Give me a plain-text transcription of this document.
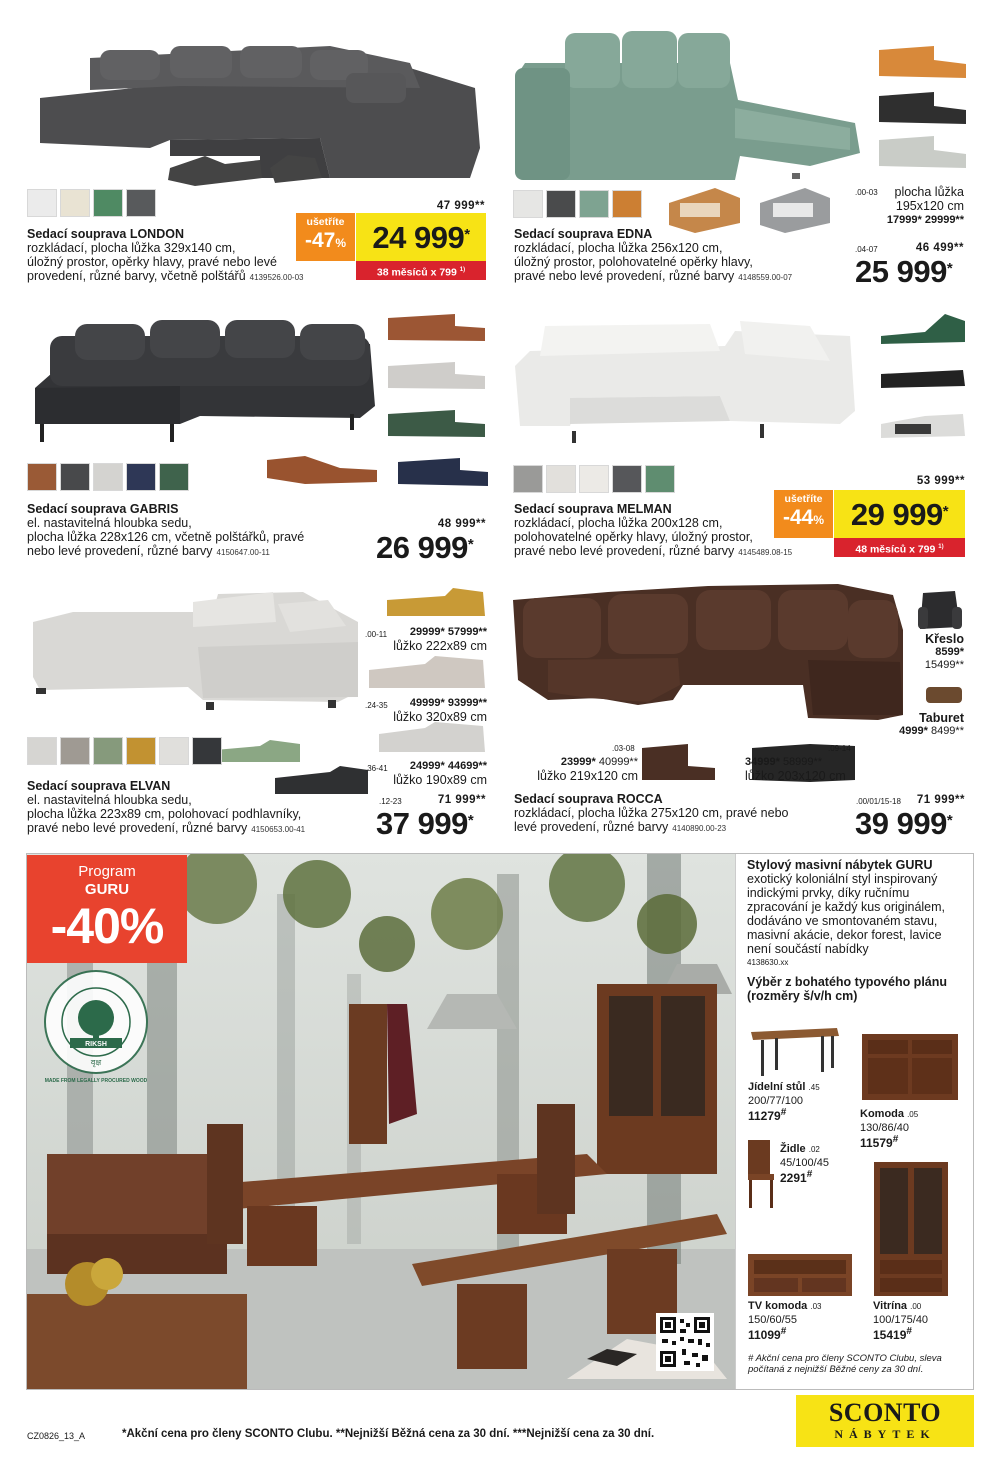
Sedací souprava LONDON
rozkládací, plocha lůžka 329x140 cm,
úložný prostor, opěrky hlavy, pravé nebo levé
provedení, různé barvy, včetně polštářů 4139526.00-03
47 999**
ušetříte
-47% 24 999*
38 měsíců x 799 $^{1)}$
Sedací souprava EDNA
rozkládací, plocha lůžka 256x120 cm,
úložný prostor, polohovatelné opěrky hlavy,
pravé nebo levé provedení, různé barvy 4148559.00-07
.00-03	plocha lůžka
195x120 cm
17999* 29999**
.04-07	46 499**
25 999*
Sedací souprava GABRIS
el. nastavitelná hloubka sedu,
plocha lůžka 228x126 cm, včetně polštářků, pravé
nebo levé provedení, různé barvy 4150647.00-11
48 999**
26 999*
Sedací souprava MELMAN
rozkládací, plocha lůžka 200x128 cm,
polohovatelné opěrky hlavy, úložný prostor,
pravé nebo levé provedení, různé barvy 4145489.08-15
53 999**
ušetříte
-44% 29 999*
48 měsíců x 799 $^{1)}$
.00-11 29999* 57999**
lůžko 222x89 cm
.24-35 49999* 93999**
lůžko 320x89 cm
.36-41 24999* 44699**
lůžko 190x89 cm
Sedací souprava ELVAN
el. nastavitelná hloubka sedu,
plocha lůžka 223x89 cm, polohovací podhlavníky,
pravé nebo levé provedení, různé barvy 4150653.00-41
.12-23	71 999**
37 999*
Křeslo
8599*
15499**
Taburet
4999* 8499**
.03-08
23999* 40999**
lůžko 219x120 cm
.09-14
34999* 58999**
lůžko 203x120 cm
Sedací souprava ROCCA
rozkládací, plocha lůžka 275x120 cm, pravé nebo
levé provedení, různé barvy 4140890.00-23
.00/01/15-18	71 999**
39 999*
Program
GURU
-40%
RIKSH
वृक्ष
MADE FROM LEGALLY PROCURED WOOD
Stylový masivní nábytek GURU
exotický koloniální styl inspirovaný
indickými prvky, díky ručnímu
zpracování je každý kus originálem,
dodáváno ve smontovaném stavu,
masivní akácie, dekor forest, lavice
není součástí nabídky
4138630.xx
Výběr z bohatého typového plánu
(rozměry š/v/h cm)
Jídelní stůl .45
200/77/100
11279#	Komoda .05
130/86/40
11579#
Židle .02
45/100/45
2291#
Vitrína .00
100/175/40
15419#
TV komoda .03
150/60/55
11099#
# Akční cena pro členy SCONTO Clubu, sleva
počítaná z nejnižší Běžné ceny za 30 dní.
CZ0826_13_A	*Akční cena pro členy SCONTO Clubu. **Nejnižší Běžná cena za 30 dní. ***Nejnižší cena za 30 dní.
SCONTO
NÁBYTEK
